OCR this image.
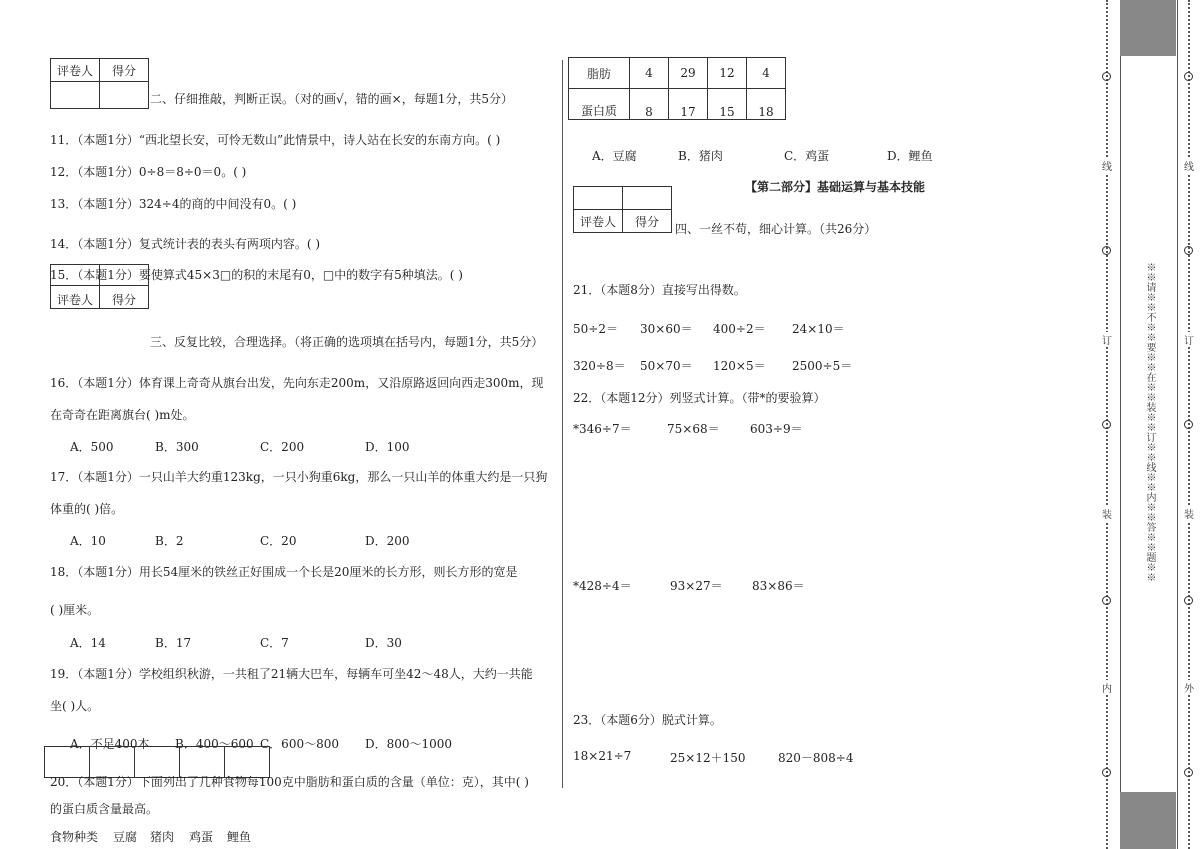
评卷人	得分

二、仔细推敲，判断正误。（对的画√，错的画×，每题1分，共5分）
11．（本题1分）“西北望长安，可怜无数山”此情景中，诗人站在长安的东南方向。( )
12．（本题1分）0÷8＝8÷0＝0。( )
13．（本题1分）324÷4的商的中间没有0。( )
14．（本题1分）复式统计表的表头有两项内容。( )

评卷人	得分
15．（本题1分）要使算式45×3□的积的末尾有0，□中的数字有5种填法。( )
三、反复比较，合理选择。（将正确的选项填在括号内，每题1分，共5分）
16．（本题1分）体育课上奇奇从旗台出发，先向东走200m，又沿原路返回向西走300m，现
在奇奇在距离旗台( )m处。
A．500	B．300	C．200	D．100
17．（本题1分）一只山羊大约重123kg，一只小狗重6kg，那么一只山羊的体重大约是一只狗
体重的( )倍。
A．10	B．2	C．20	D．200
18．（本题1分）用长54厘米的铁丝正好围成一个长是20厘米的长方形，则长方形的宽是
( )厘米。
A．14	B．17	C．7	D．30
19．（本题1分）学校组织秋游，一共租了21辆大巴车，每辆车可坐42～48人，大约一共能
坐( )人。
A．不足400本 B．400～600 C．600～800 D．800～1000

20．（本题1分）下面列出了几种食物每100克中脂肪和蛋白质的含量（单位：克），其中( )
的蛋白质含量最高。
食物种类 豆腐 猪肉 鸡蛋 鲤鱼
脂肪	4	29	12	4
蛋白质	8	17	15	18
A．豆腐	B．猪肉	C．鸡蛋	D．鲤鱼
【第二部分】基础运算与基本技能

评卷人	得分
四、一丝不苟，细心计算。（共26分）
21．（本题8分）直接写出得数。
50÷2＝ 30×60＝ 400÷2＝ 24×10＝
320÷8＝ 50×70＝ 120×5＝ 2500÷5＝
22．（本题12分）列竖式计算。（带*的要验算）
*346÷7＝	75×68＝	603÷9＝
*428÷4＝	93×27＝ 83×86＝
23．（本题6分）脱式计算。
18×21÷7	25×12＋150	820－808÷4
线
订
装
内
※※请※※不※※要※※在※※装※※订※※线※※内※※答※※题※※
线
订
装
外
